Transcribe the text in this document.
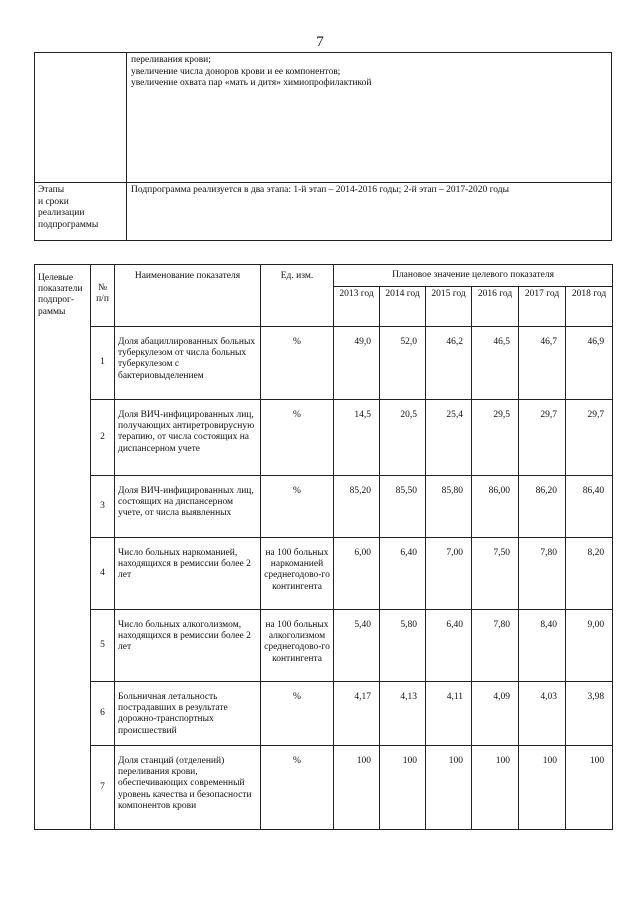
7

	переливания крови;
увеличение числа доноров крови и ее компонентов;
увеличение охвата пар «мать и дитя» химиопрофилактикой

Этапы
и сроки
реализации
подпрограммы	Подпрограмма реализуется в два этапа: 1-й этап – 2014-2016 годы; 2-й этап – 2017-2020 годы
Целевые показатели подпрог-раммы	№ п/п	Наименование показателя	Ед. изм.	Плановое значение целевого показателя					
				2013 год	2014 год	2015 год	2016 год	2017 год	2018 год
	1	Доля абациллированных больных туберкулезом от числа больных туберкулезом с бактериовыделением	%	49,0	52,0	46,2	46,5	46,7	46,9
	2	Доля ВИЧ-инфицированных лиц, получающих антиретровирусную терапию, от числа состоящих на диспансерном учете	%	14,5	20,5	25,4	29,5	29,7	29,7
	3	Доля ВИЧ-инфицированных лиц, состоящих на диспансерном учете, от числа выявленных	%	85,20	85,50	85,80	86,00	86,20	86,40
	4	Число больных наркоманией, находящихся в ремиссии более 2 лет	на 100 больных наркоманией среднегодово-го контингента	6,00	6,40	7,00	7,50	7,80	8,20
	5	Число больных алкоголизмом, находящихся в ремиссии более 2 лет	на 100 больных алкоголизмом среднегодово-го контингента	5,40	5,80	6,40	7,80	8,40	9,00
	6	Больничная летальность пострадавших в результате дорожно-транспортных происшествий	%	4,17	4,13	4,11	4,09	4,03	3,98
	7	Доля станций (отделений) переливания крови, обеспечивающих современный уровень качества и безопасности компонентов крови	%	100	100	100	100	100	100
